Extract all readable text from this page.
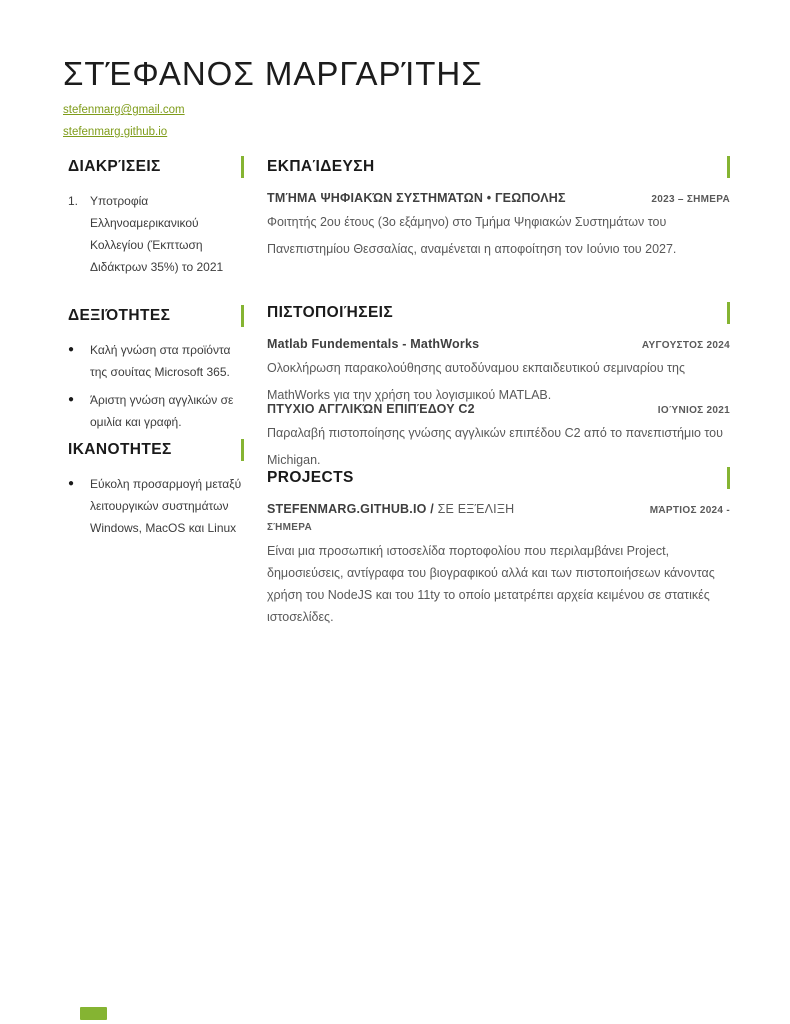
ΣΤΈΦΑΝΟΣ ΜΑΡΓΑΡΊΤΗΣ
stefenmarg@gmail.com
stefenmarg.github.io
ΔΙΑΚΡΊΣΕΙΣ
1. Υποτροφία Ελληνοαμερικανικού Κολλεγίου (Έκπτωση Διδάκτρων 35%) το 2021
ΔΕΞΙΌΤΗΤΕΣ
● Καλή γνώση στα προϊόντα της σουίτας Microsoft 365.
● Άριστη γνώση αγγλικών σε ομιλία και γραφή.
ΙΚΑΝΟΤΗΤΕΣ
● Εύκολη προσαρμογή μεταξύ λειτουργικών συστημάτων Windows, MacOS και Linux
ΕΚΠΑΊΔΕΥΣΗ
ΤΜΉΜΑ ΨΗΦΙΑΚΏΝ ΣΥΣΤΗΜΆΤΩΝ • ΓΕΩΠΟΛΗΣ	2023 – ΣΗΜΕΡΑ

Φοιτητής 2ου έτους (3ο εξάμηνο) στο Τμήμα Ψηφιακών Συστημάτων του Πανεπιστημίου Θεσσαλίας, αναμένεται η αποφοίτηση τον Ιούνιο του 2027.

ΠΙΣΤΟΠΟΙΉΣΕΙΣ
Matlab Fundementals - MathWorks	ΑΥΓΟΥΣΤΟΣ 2024

Ολοκλήρωση παρακολούθησης αυτοδύναμου εκπαιδευτικού σεμιναρίου της MathWorks για την χρήση του λογισμικού MATLAB.

ΠΤΥΧΙΟ ΑΓΓΛΙΚΏΝ ΕΠΙΠΈΔΟΥ C2	ΙΟΎΝΙΟΣ 2021

Παραλαβή πιστοποίησης γνώσης αγγλικών επιπέδου C2 από το πανεπιστήμιο του Michigan.

PROJECTS
STEFENMARG.GITHUB.IO / ΣΕ ΕΞΈΛΙΞΗ	ΜΆΡΤΙΟΣ 2024 -
ΣΉΜΕΡΑ

Είναι μια προσωπική ιστοσελίδα πορτοφολίου που περιλαμβάνει Project, δημοσιεύσεις, αντίγραφα του βιογραφικού αλλά και των πιστοποιήσεων κάνοντας χρήση του NodeJS και του 11ty το οποίο μετατρέπει αρχεία κειμένου σε στατικές ιστοσελίδες.
